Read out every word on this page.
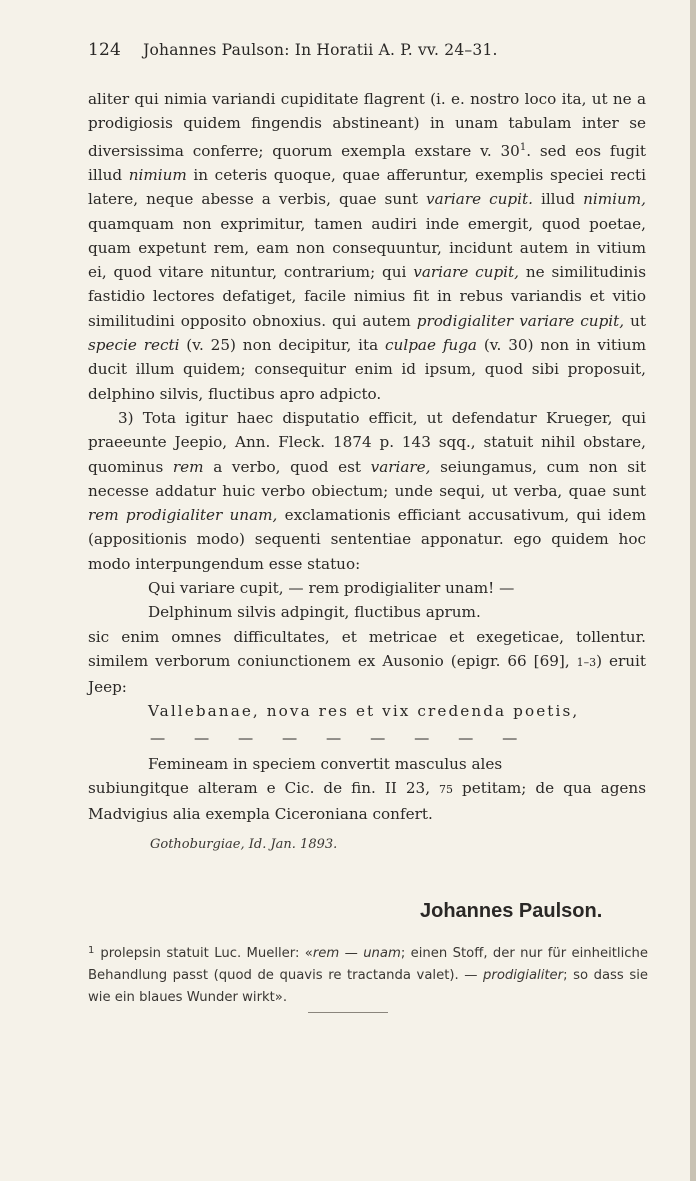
124 Johannes Paulson: In Horatii A. P. vv. 24–31.

aliter qui nimia variandi cupiditate flagrent (i. e. nostro loco ita, ut ne a prodigiosis quidem fingendis abstineant) in unam tabulam inter se diversissima conferre; quorum exempla exstare v. $30^1$. sed eos fugit illud nimium in ceteris quoque, quae afferuntur, exemplis speciei recti latere, neque abesse a verbis, quae sunt variare cupit. illud nimium, quamquam non exprimitur, tamen audiri inde emergit, quod poetae, quam expetunt rem, eam non consequuntur, incidunt autem in vitium ei, quod vitare nituntur, contrarium; qui variare cupit, ne similitudinis fastidio lectores defatiget, facile nimius fit in rebus variandis et vitio similitudini opposito obnoxius. qui autem prodigialiter variare cupit, ut specie recti (v. 25) non decipitur, ita culpae fuga (v. 30) non in vitium ducit illum quidem; consequitur enim id ipsum, quod sibi proposuit, delphino silvis, fluctibus apro adpicto.

3) Tota igitur haec disputatio efficit, ut defendatur Krueger, qui praeeunte Jeepio, Ann. Fleck. 1874 p. 143 sqq., statuit nihil obstare, quominus rem a verbo, quod est variare, seiungamus, cum non sit necesse addatur huic verbo obiectum; unde sequi, ut verba, quae sunt rem prodigialiter unam, exclamationis efficiant accusativum, qui idem (appositionis modo) sequenti sententiae apponatur. ego quidem hoc modo interpungendum esse statuo:

Qui variare cupit, — rem prodigialiter unam! —
Delphinum silvis adpingit, fluctibus aprum.

sic enim omnes difficultates, et metricae et exegeticae, tollentur. similem verborum coniunctionem ex Ausonio (epigr. 66 [69], 1–3) eruit Jeep:

Vallebanae, nova res et vix credenda poetis,
— — — — — — — — —
Femineam in speciem convertit masculus ales

subiungitque alteram e Cic. de fin. II 23, 75 petitam; de qua agens Madvigius alia exempla Ciceroniana confert.

Gothoburgiae, Id. Jan. 1893.
Johannes Paulson.
$^1$ prolepsin statuit Luc. Mueller: «rem — unam; einen Stoff, der nur für einheitliche Behandlung passt (quod de quavis re tractanda valet). — prodigialiter; so dass sie wie ein blaues Wunder wirkt».
